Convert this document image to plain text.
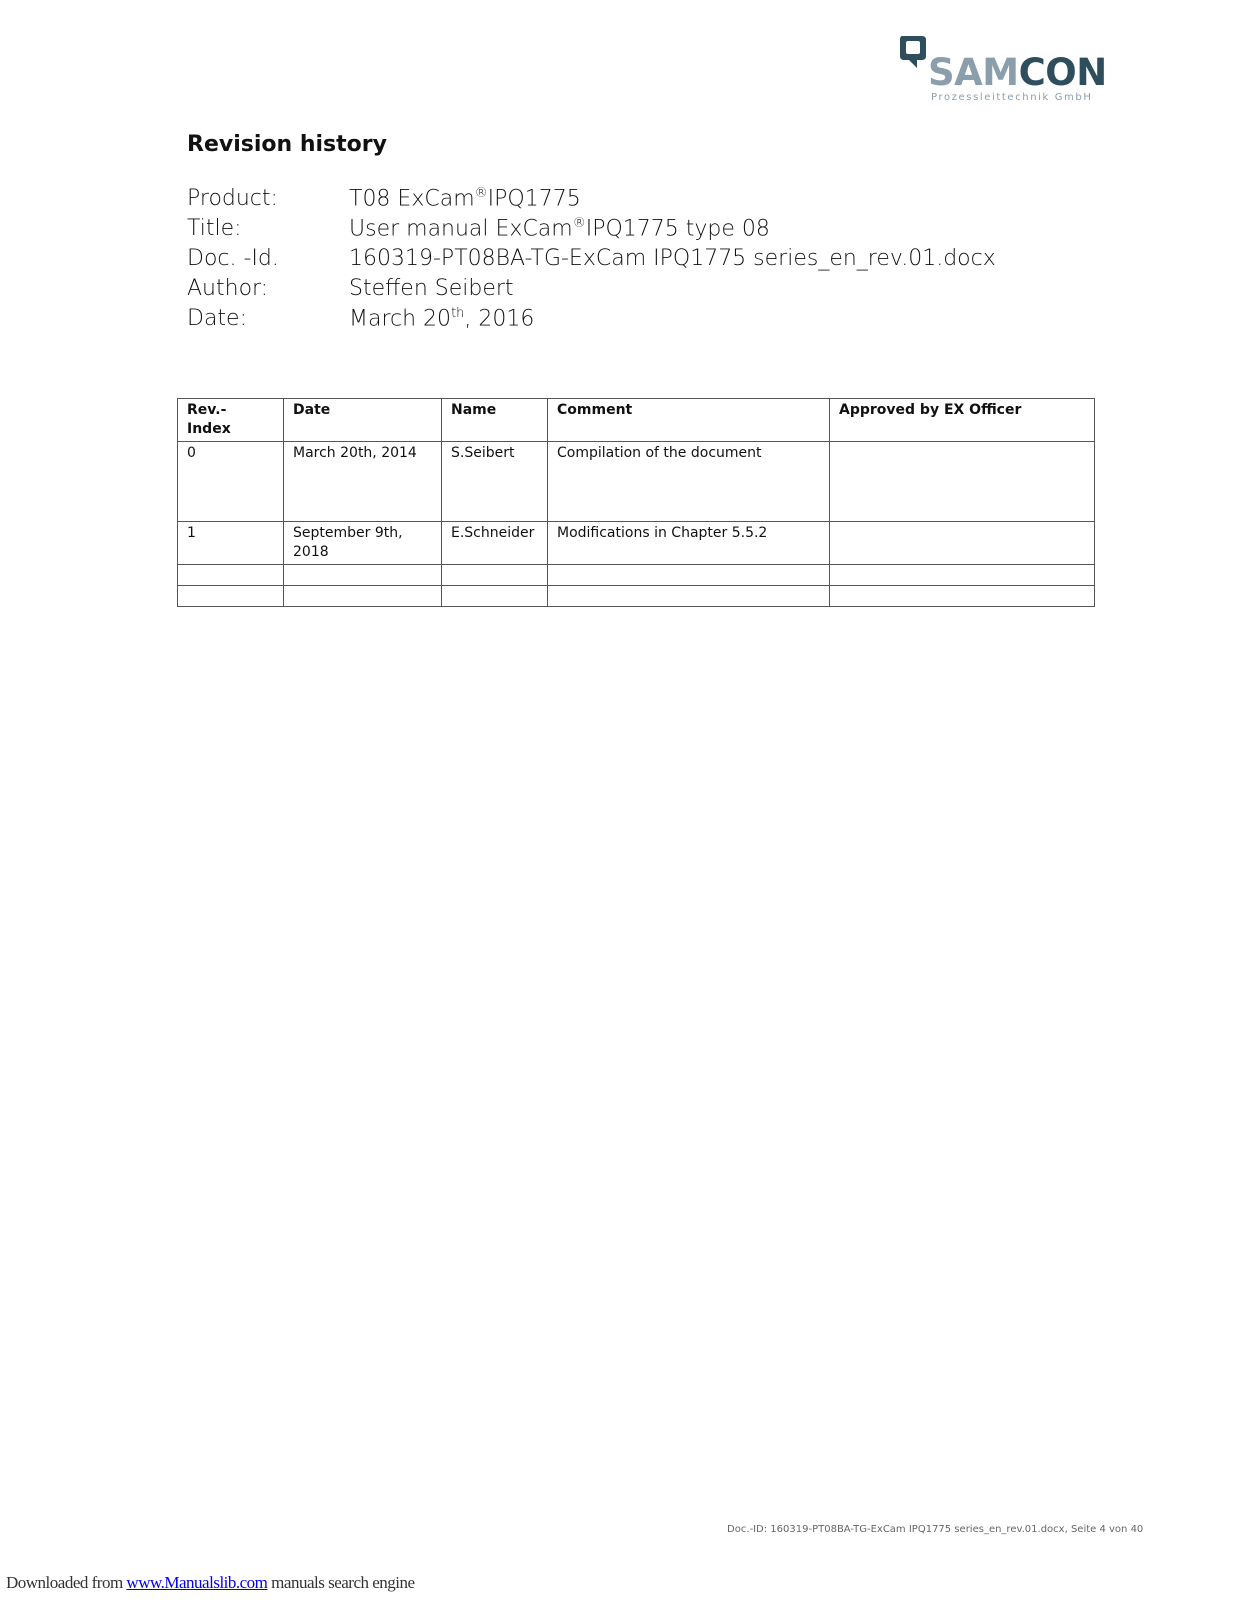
SAMCON
Prozessleittechnik GmbH
Revision history
Product:	T08 ExCam®IPQ1775
Title:	User manual ExCam®IPQ1775 type 08
Doc. -Id.	160319-PT08BA-TG-ExCam IPQ1775 series_en_rev.01.docx
Author:	Steffen Seibert
Date:	March 20th, 2016
Rev.- Index	Date	Name	Comment	Approved by EX Officer
0	March 20th, 2014	S.Seibert	Compilation of the document	
1	September 9th, 2018	E.Schneider	Modifications in Chapter 5.5.2	

Doc.-ID: 160319-PT08BA-TG-ExCam IPQ1775 series_en_rev.01.docx, Seite 4 von 40
Downloaded from www.Manualslib.com manuals search engine
